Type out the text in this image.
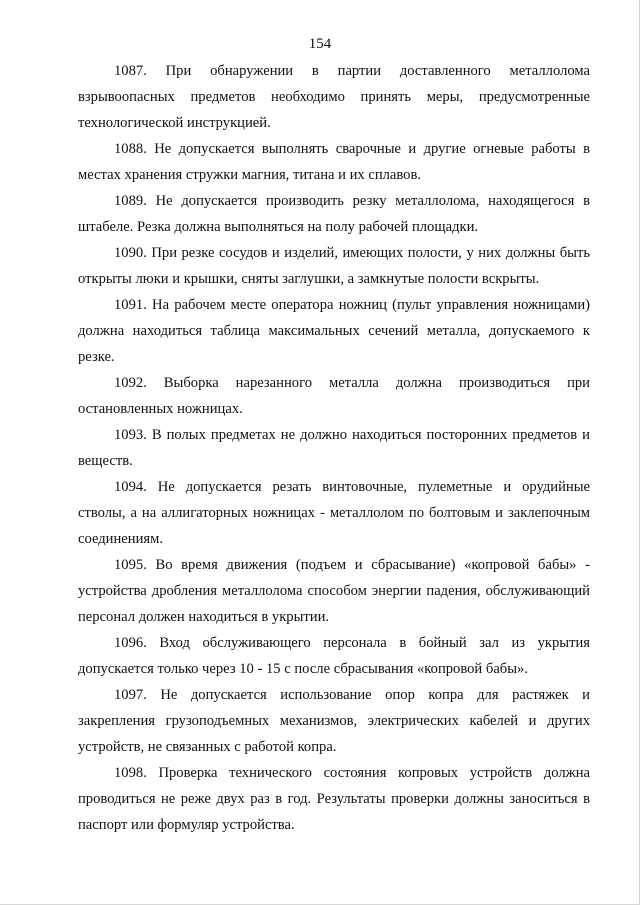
154

1087. При обнаружении в партии доставленного металлолома взрывоопасных предметов необходимо принять меры, предусмотренные технологической инструкцией.

1088. Не допускается выполнять сварочные и другие огневые работы в местах хранения стружки магния, титана и их сплавов.

1089. Не допускается производить резку металлолома, находящегося в штабеле. Резка должна выполняться на полу рабочей площадки.

1090. При резке сосудов и изделий, имеющих полости, у них должны быть открыты люки и крышки, сняты заглушки, а замкнутые полости вскрыты.

1091. На рабочем месте оператора ножниц (пульт управления ножницами) должна находиться таблица максимальных сечений металла, допускаемого к резке.

1092. Выборка нарезанного металла должна производиться при остановленных ножницах.

1093. В полых предметах не должно находиться посторонних предметов и веществ.

1094. Не допускается резать винтовочные, пулеметные и орудийные стволы, а на аллигаторных ножницах - металлолом по болтовым и заклепочным соединениям.

1095. Во время движения (подъем и сбрасывание) «копровой бабы» - устройства дробления металлолома способом энергии падения, обслуживающий персонал должен находиться в укрытии.

1096. Вход обслуживающего персонала в бойный зал из укрытия допускается только через 10 - 15 с после сбрасывания «копровой бабы».

1097. Не допускается использование опор копра для растяжек и закрепления грузоподъемных механизмов, электрических кабелей и других устройств, не связанных с работой копра.

1098. Проверка технического состояния копровых устройств должна проводиться не реже двух раз в год. Результаты проверки должны заноситься в паспорт или формуляр устройства.
